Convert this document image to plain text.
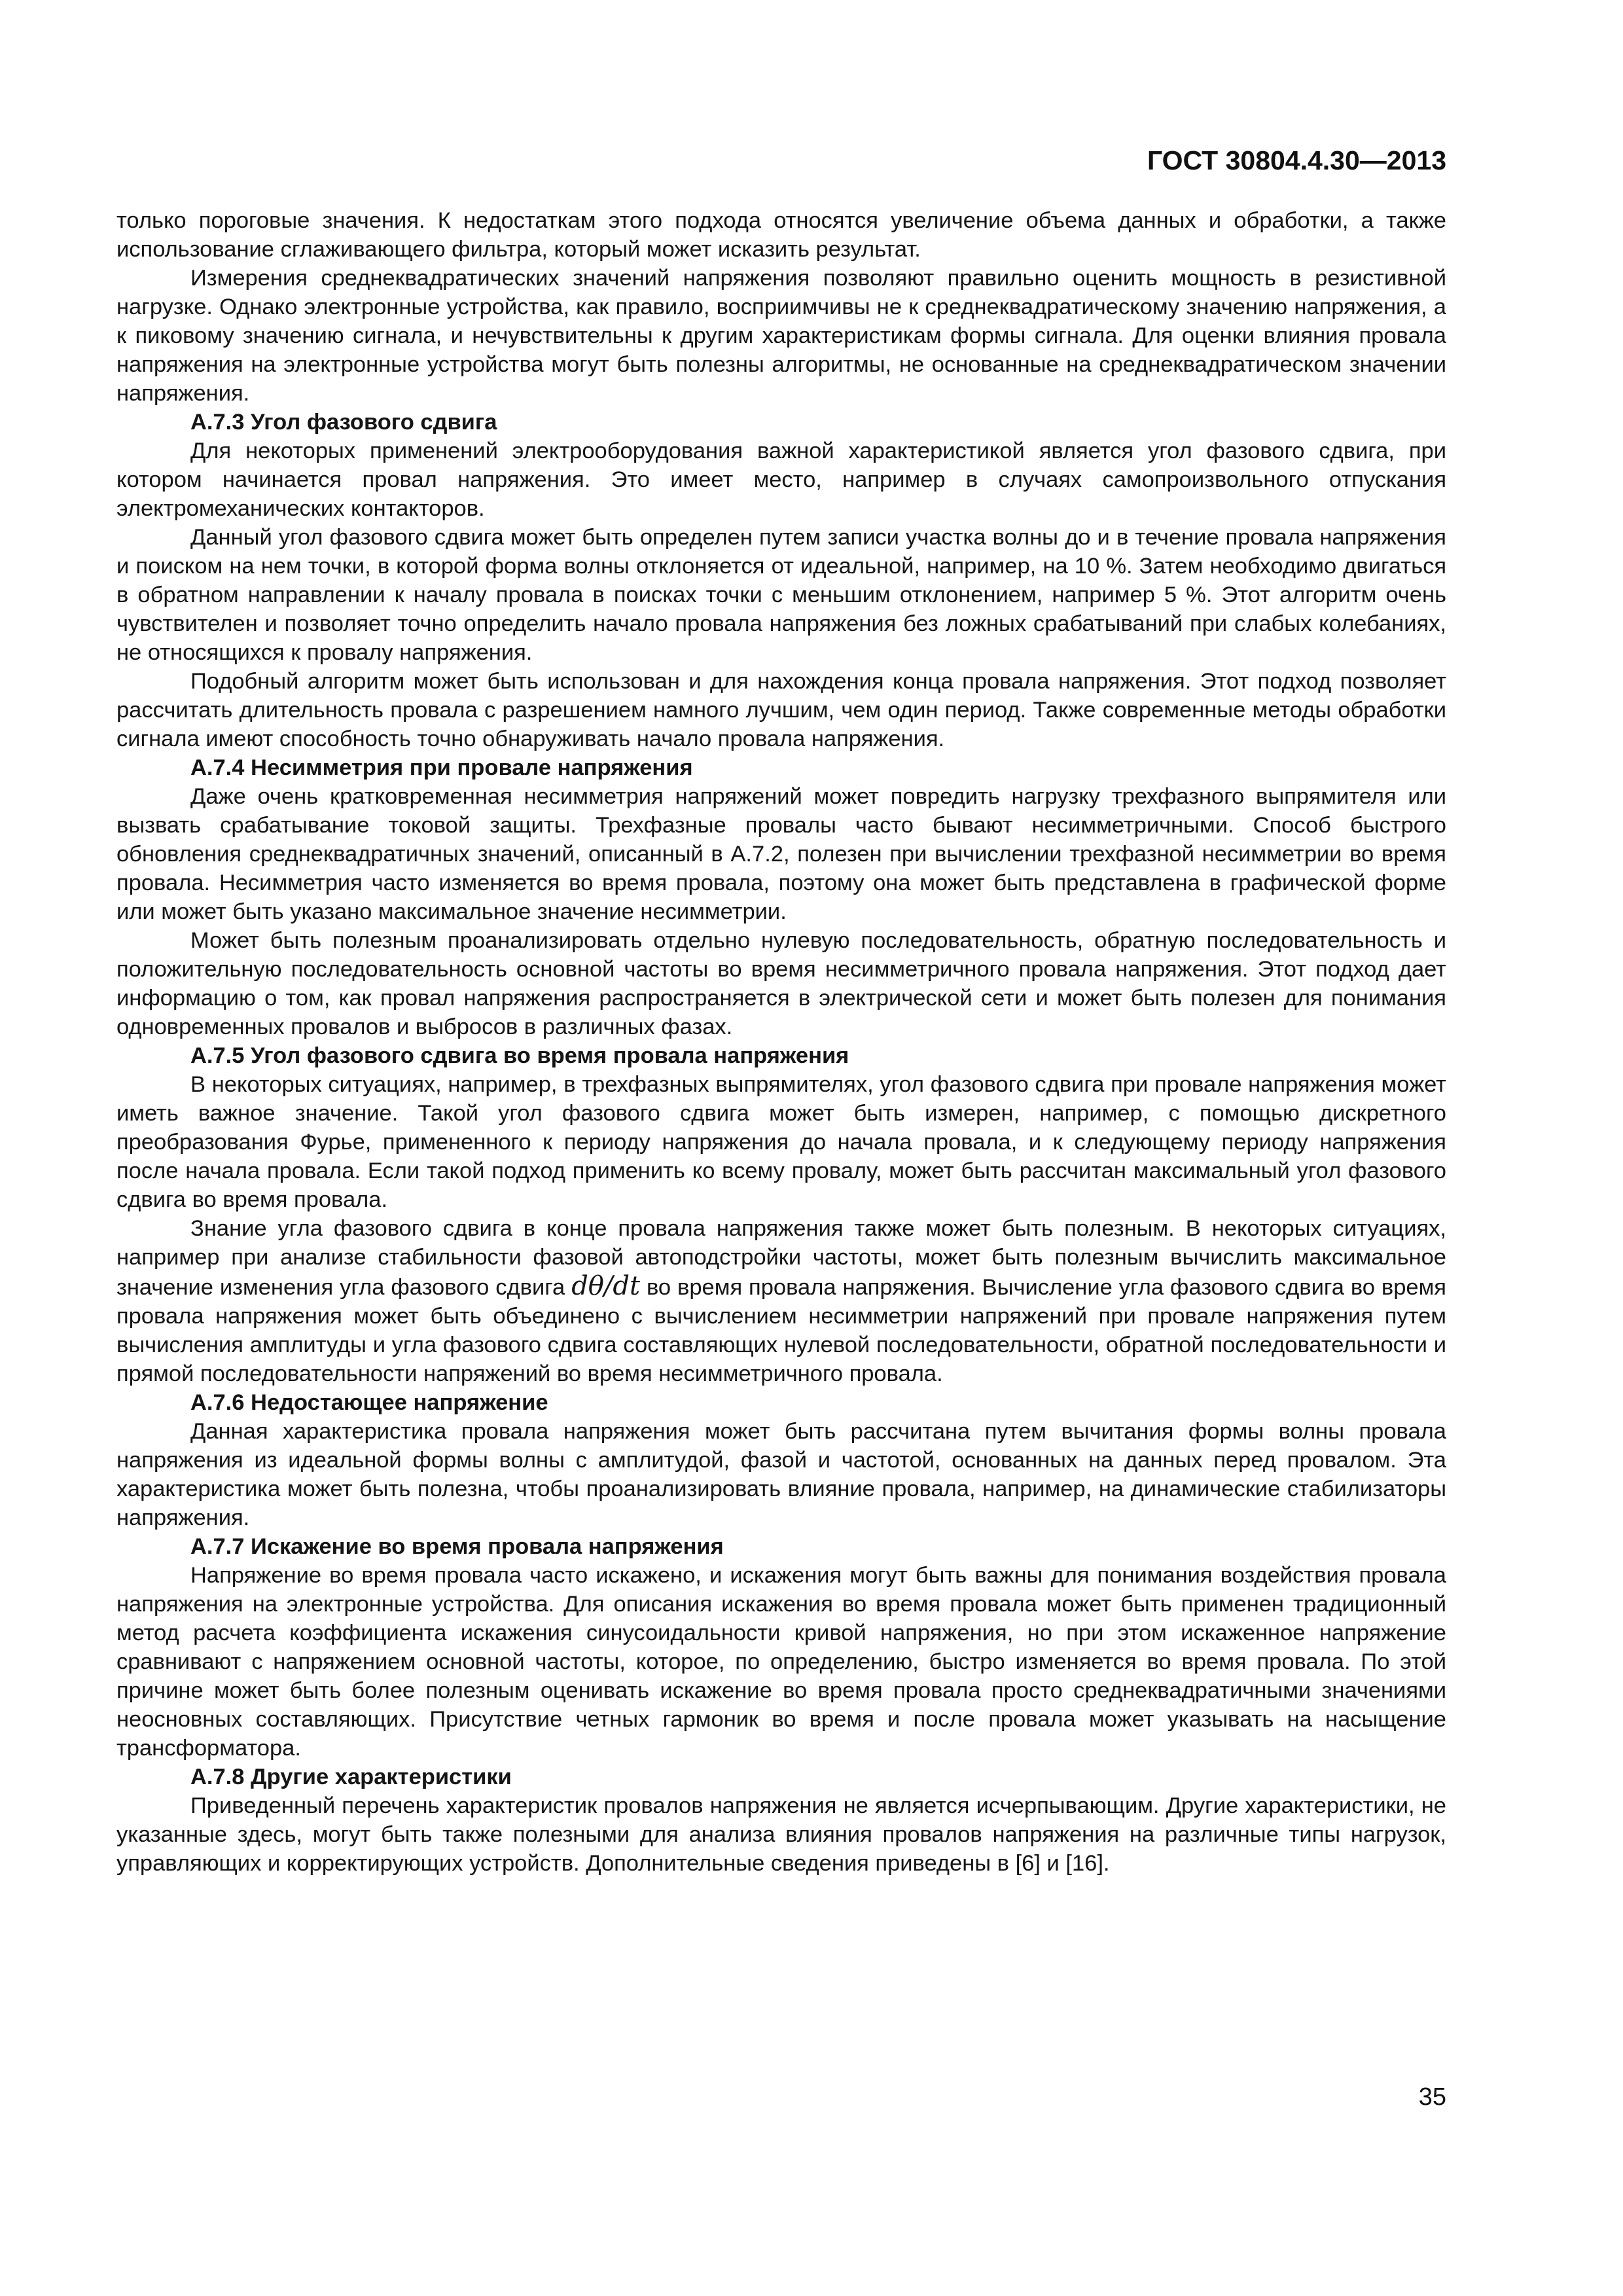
ГОСТ 30804.4.30—2013

только пороговые значения. К недостаткам этого подхода относятся увеличение объема данных и обработки, а также использование сглаживающего фильтра, который может исказить результат.

Измерения среднеквадратических значений напряжения позволяют правильно оценить мощность в резистивной нагрузке. Однако электронные устройства, как правило, восприимчивы не к среднеквадратическому значению напряжения, а к пиковому значению сигнала, и нечувствительны к другим характеристикам формы сигнала. Для оценки влияния провала напряжения на электронные устройства могут быть полезны алгоритмы, не основанные на среднеквадратическом значении напряжения.

А.7.3 Угол фазового сдвига

Для некоторых применений электрооборудования важной характеристикой является угол фазового сдвига, при котором начинается провал напряжения. Это имеет место, например в случаях самопроизвольного отпускания электромеханических контакторов.

Данный угол фазового сдвига может быть определен путем записи участка волны до и в течение провала напряжения и поиском на нем точки, в которой форма волны отклоняется от идеальной, например, на 10 %. Затем необходимо двигаться в обратном направлении к началу провала в поисках точки с меньшим отклонением, например 5 %. Этот алгоритм очень чувствителен и позволяет точно определить начало провала напряжения без ложных срабатываний при слабых колебаниях, не относящихся к провалу напряжения.

Подобный алгоритм может быть использован и для нахождения конца провала напряжения. Этот подход позволяет рассчитать длительность провала с разрешением намного лучшим, чем один период. Также современные методы обработки сигнала имеют способность точно обнаруживать начало провала напряжения.

А.7.4 Несимметрия при провале напряжения

Даже очень кратковременная несимметрия напряжений может повредить нагрузку трехфазного выпрямителя или вызвать срабатывание токовой защиты. Трехфазные провалы часто бывают несимметричными. Способ быстрого обновления среднеквадратичных значений, описанный в А.7.2, полезен при вычислении трехфазной несимметрии во время провала. Несимметрия часто изменяется во время провала, поэтому она может быть представлена в графической форме или может быть указано максимальное значение несимметрии.

Может быть полезным проанализировать отдельно нулевую последовательность, обратную последовательность и положительную последовательность основной частоты во время несимметричного провала напряжения. Этот подход дает информацию о том, как провал напряжения распространяется в электрической сети и может быть полезен для понимания одновременных провалов и выбросов в различных фазах.

А.7.5 Угол фазового сдвига во время провала напряжения

В некоторых ситуациях, например, в трехфазных выпрямителях, угол фазового сдвига при провале напряжения может иметь важное значение. Такой угол фазового сдвига может быть измерен, например, с помощью дискретного преобразования Фурье, примененного к периоду напряжения до начала провала, и к следующему периоду напряжения после начала провала. Если такой подход применить ко всему провалу, может быть рассчитан максимальный угол фазового сдвига во время провала.

Знание угла фазового сдвига в конце провала напряжения также может быть полезным. В некоторых ситуациях, например при анализе стабильности фазовой автоподстройки частоты, может быть полезным вычислить максимальное значение изменения угла фазового сдвига dθ/dt во время провала напряжения. Вычисление угла фазового сдвига во время провала напряжения может быть объединено с вычислением несимметрии напряжений при провале напряжения путем вычисления амплитуды и угла фазового сдвига составляющих нулевой последовательности, обратной последовательности и прямой последовательности напряжений во время несимметричного провала.

А.7.6 Недостающее напряжение

Данная характеристика провала напряжения может быть рассчитана путем вычитания формы волны провала напряжения из идеальной формы волны с амплитудой, фазой и частотой, основанных на данных перед провалом. Эта характеристика может быть полезна, чтобы проанализировать влияние провала, например, на динамические стабилизаторы напряжения.

А.7.7 Искажение во время провала напряжения

Напряжение во время провала часто искажено, и искажения могут быть важны для понимания воздействия провала напряжения на электронные устройства. Для описания искажения во время провала может быть применен традиционный метод расчета коэффициента искажения синусоидальности кривой напряжения, но при этом искаженное напряжение сравнивают с напряжением основной частоты, которое, по определению, быстро изменяется во время провала. По этой причине может быть более полезным оценивать искажение во время провала просто среднеквадратичными значениями неосновных составляющих. Присутствие четных гармоник во время и после провала может указывать на насыщение трансформатора.

А.7.8 Другие характеристики

Приведенный перечень характеристик провалов напряжения не является исчерпывающим. Другие характеристики, не указанные здесь, могут быть также полезными для анализа влияния провалов напряжения на различные типы нагрузок, управляющих и корректирующих устройств. Дополнительные сведения приведены в [6] и [16].

35
